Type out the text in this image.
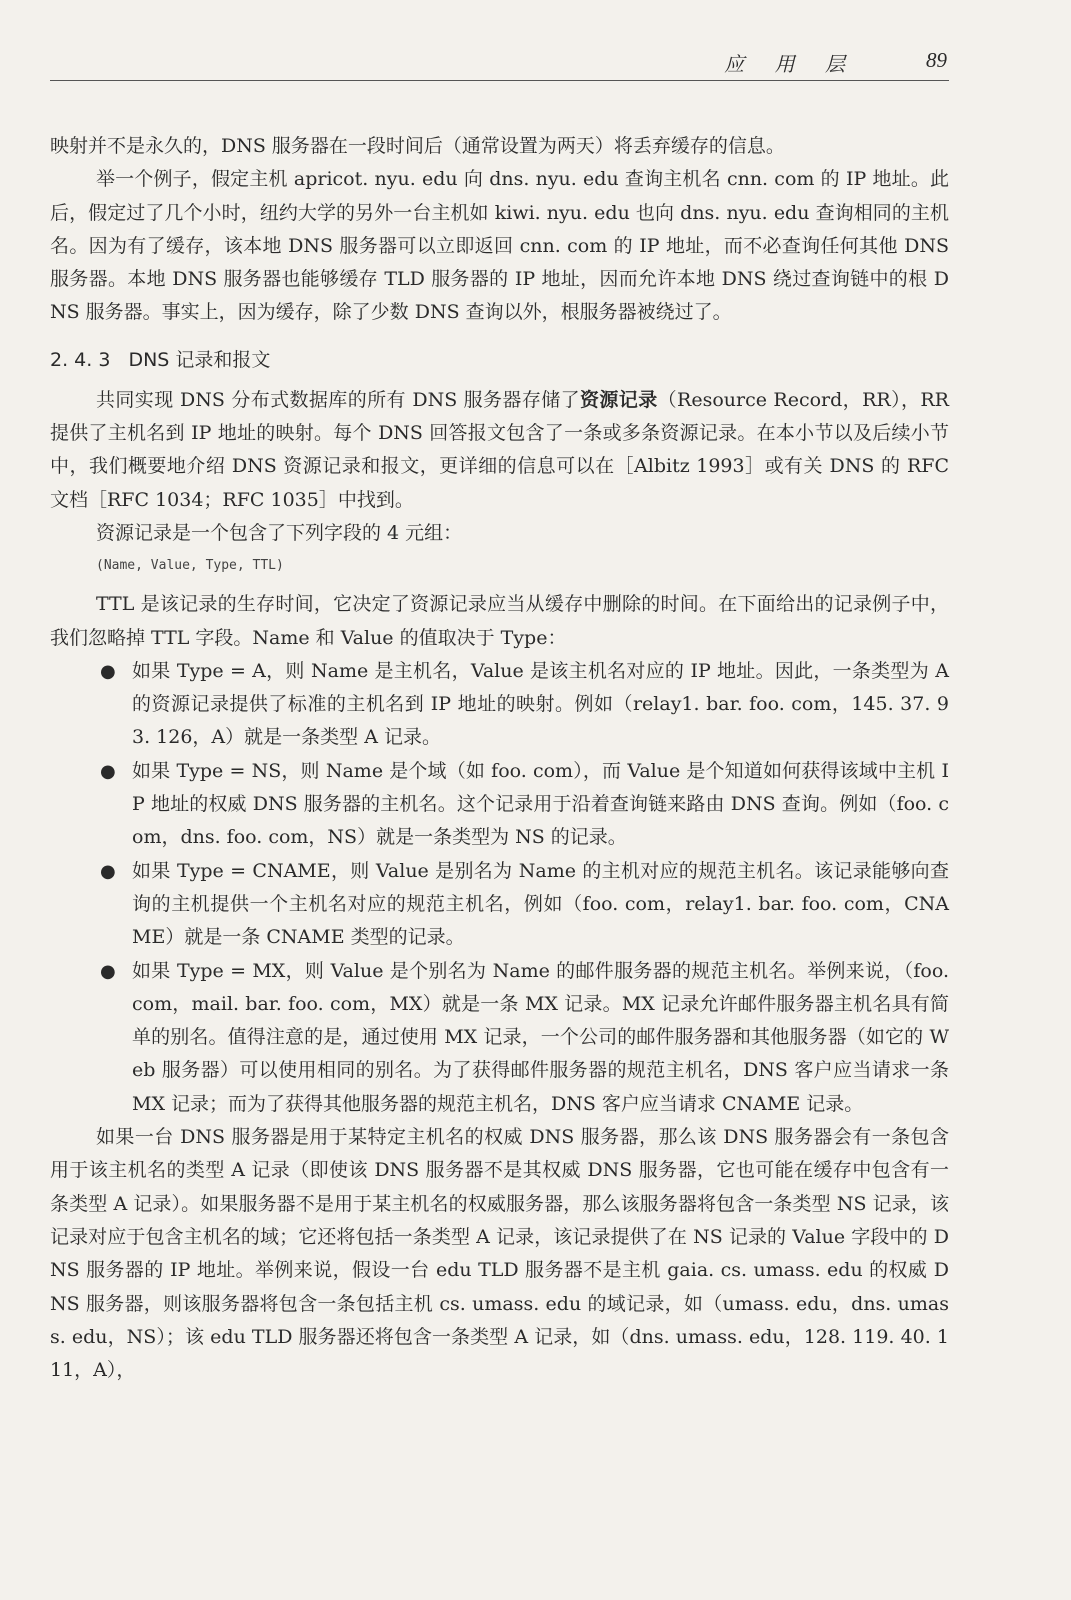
应 用 层	89

映射并不是永久的，DNS 服务器在一段时间后（通常设置为两天）将丢弃缓存的信息。

举一个例子，假定主机 apricot. nyu. edu 向 dns. nyu. edu 查询主机名 cnn. com 的 IP 地址。此后，假定过了几个小时，纽约大学的另外一台主机如 kiwi. nyu. edu 也向 dns. nyu. edu 查询相同的主机名。因为有了缓存，该本地 DNS 服务器可以立即返回 cnn. com 的 IP 地址，而不必查询任何其他 DNS 服务器。本地 DNS 服务器也能够缓存 TLD 服务器的 IP 地址，因而允许本地 DNS 绕过查询链中的根 DNS 服务器。事实上，因为缓存，除了少数 DNS 查询以外，根服务器被绕过了。

2. 4. 3 DNS 记录和报文

共同实现 DNS 分布式数据库的所有 DNS 服务器存储了资源记录（Resource Record，RR），RR 提供了主机名到 IP 地址的映射。每个 DNS 回答报文包含了一条或多条资源记录。在本小节以及后续小节中，我们概要地介绍 DNS 资源记录和报文，更详细的信息可以在［Albitz 1993］或有关 DNS 的 RFC 文档［RFC 1034；RFC 1035］中找到。

资源记录是一个包含了下列字段的 4 元组：

(Name, Value, Type, TTL)

TTL 是该记录的生存时间，它决定了资源记录应当从缓存中删除的时间。在下面给出的记录例子中，我们忽略掉 TTL 字段。Name 和 Value 的值取决于 Type：

● 如果 Type = A，则 Name 是主机名，Value 是该主机名对应的 IP 地址。因此，一条类型为 A 的资源记录提供了标准的主机名到 IP 地址的映射。例如（relay1. bar. foo. com，145. 37. 93. 126，A）就是一条类型 A 记录。
● 如果 Type = NS，则 Name 是个域（如 foo. com），而 Value 是个知道如何获得该域中主机 IP 地址的权威 DNS 服务器的主机名。这个记录用于沿着查询链来路由 DNS 查询。例如（foo. com，dns. foo. com，NS）就是一条类型为 NS 的记录。
● 如果 Type = CNAME，则 Value 是别名为 Name 的主机对应的规范主机名。该记录能够向查询的主机提供一个主机名对应的规范主机名，例如（foo. com，relay1. bar. foo. com，CNAME）就是一条 CNAME 类型的记录。
● 如果 Type = MX，则 Value 是个别名为 Name 的邮件服务器的规范主机名。举例来说，（foo. com，mail. bar. foo. com，MX）就是一条 MX 记录。MX 记录允许邮件服务器主机名具有简单的别名。值得注意的是，通过使用 MX 记录，一个公司的邮件服务器和其他服务器（如它的 Web 服务器）可以使用相同的别名。为了获得邮件服务器的规范主机名，DNS 客户应当请求一条 MX 记录；而为了获得其他服务器的规范主机名，DNS 客户应当请求 CNAME 记录。

如果一台 DNS 服务器是用于某特定主机名的权威 DNS 服务器，那么该 DNS 服务器会有一条包含用于该主机名的类型 A 记录（即使该 DNS 服务器不是其权威 DNS 服务器，它也可能在缓存中包含有一条类型 A 记录）。如果服务器不是用于某主机名的权威服务器，那么该服务器将包含一条类型 NS 记录，该记录对应于包含主机名的域；它还将包括一条类型 A 记录，该记录提供了在 NS 记录的 Value 字段中的 DNS 服务器的 IP 地址。举例来说，假设一台 edu TLD 服务器不是主机 gaia. cs. umass. edu 的权威 DNS 服务器，则该服务器将包含一条包括主机 cs. umass. edu 的域记录，如（umass. edu，dns. umass. edu，NS）；该 edu TLD 服务器还将包含一条类型 A 记录，如（dns. umass. edu，128. 119. 40. 111，A），
